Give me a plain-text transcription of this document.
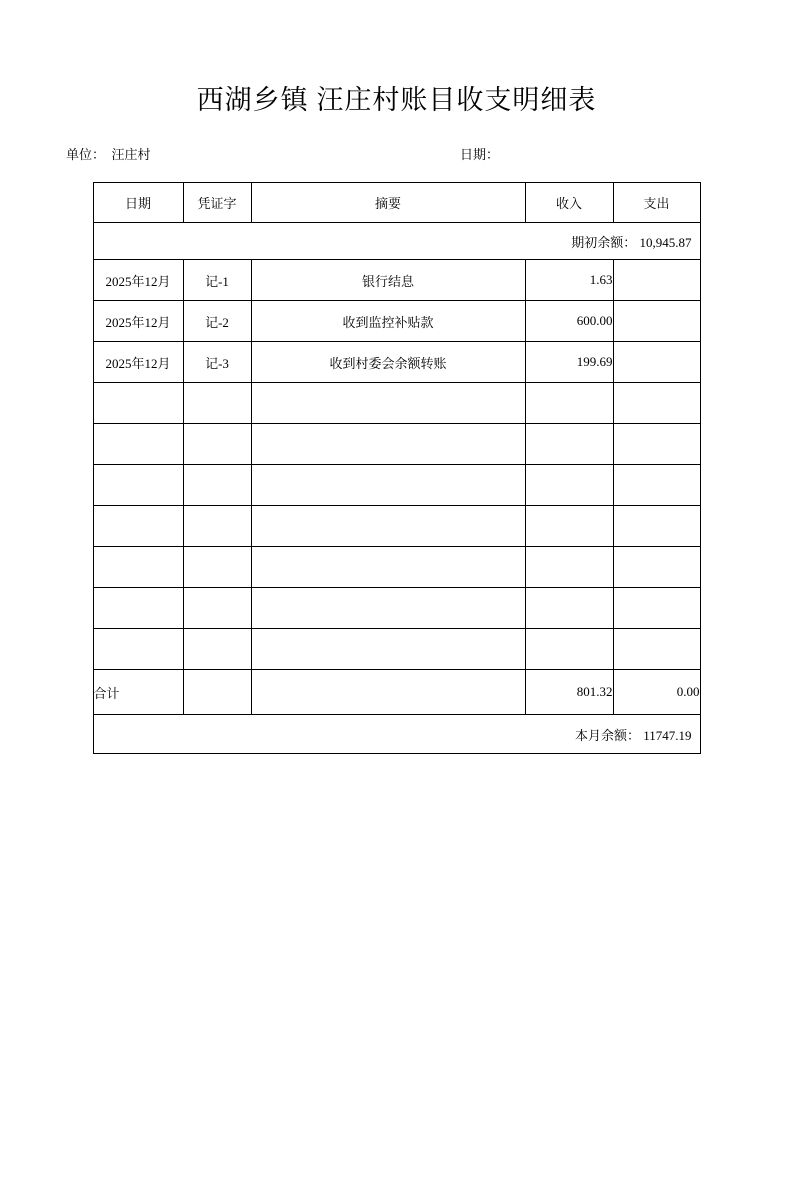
西湖乡镇 汪庄村账目收支明细表
单位：  汪庄村	日期：
日期	凭证字	摘要	收入	支出
期初余额： 10,945.87				
2025年12月	记-1	银行结息	1.63	
2025年12月	记-2	收到监控补贴款	600.00	
2025年12月	记-3	收到村委会余额转账	199.69	

合计			801.32	0.00
本月余额： 11747.19				
